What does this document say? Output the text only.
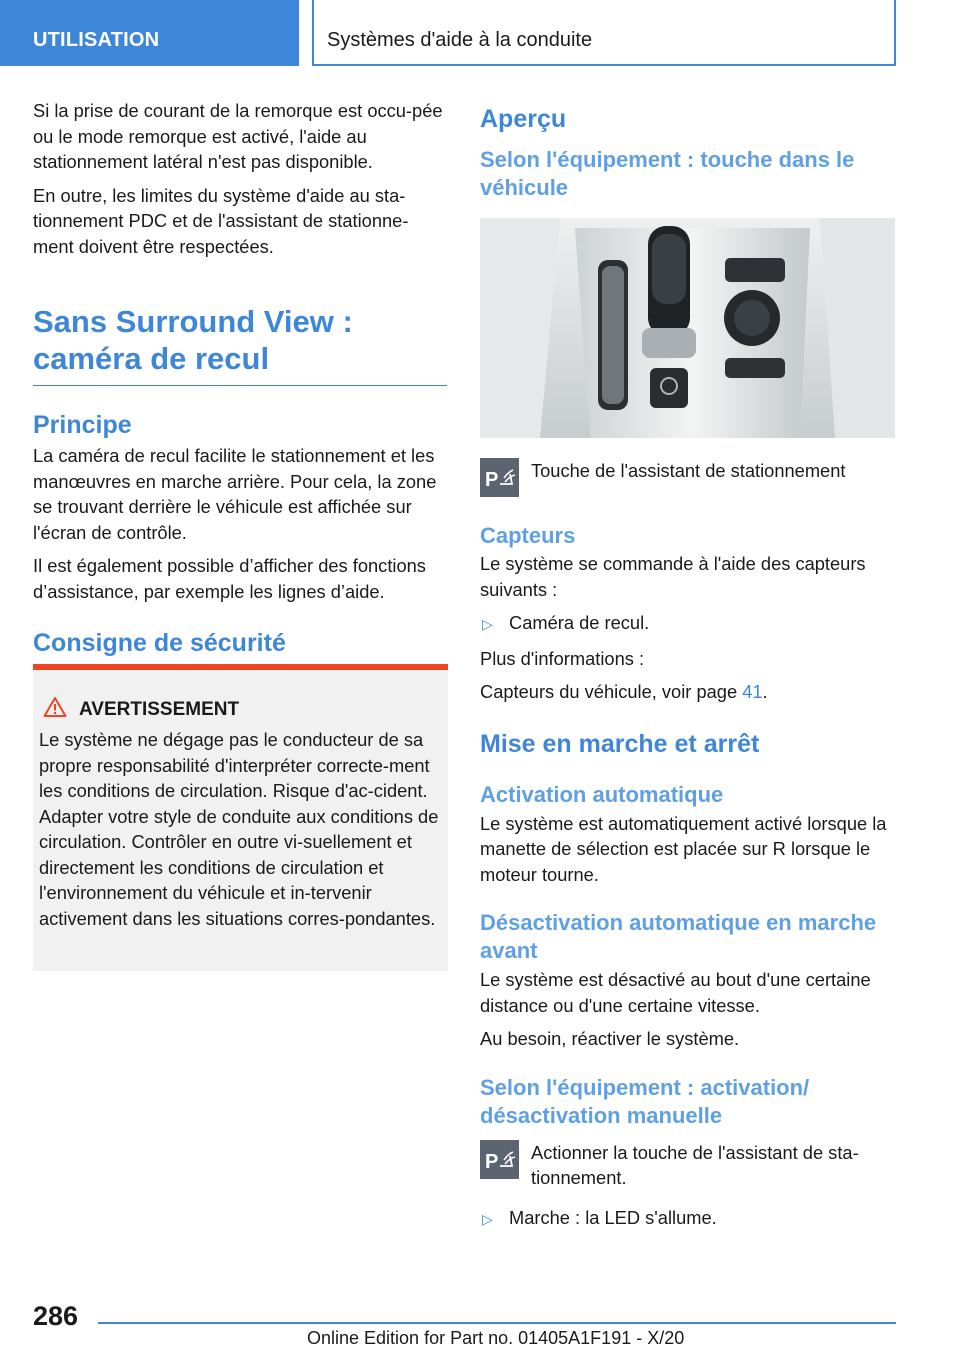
UTILISATION	Systèmes d'aide à la conduite

Si la prise de courant de la remorque est occu-pée ou le mode remorque est activé, l'aide au stationnement latéral n'est pas disponible.

En outre, les limites du système d'aide au sta-tionnement PDC et de l'assistant de stationne-ment doivent être respectées.

Sans Surround View :
caméra de recul
Principe

La caméra de recul facilite le stationnement et les manœuvres en marche arrière. Pour cela, la zone se trouvant derrière le véhicule est affichée sur l'écran de contrôle.

Il est également possible d’afficher des fonctions d’assistance, par exemple les lignes d’aide.

Consigne de sécurité
AVERTISSEMENT

Le système ne dégage pas le conducteur de sa propre responsabilité d'interpréter correcte-ment les conditions de circulation. Risque d'ac-cident. Adapter votre style de conduite aux conditions de circulation. Contrôler en outre vi-suellement et directement les conditions de circulation et l'environnement du véhicule et in-tervenir activement dans les situations corres-pondantes.

Aperçu
Selon l'équipement : touche dans le véhicule
P Touche de l'assistant de stationnement
Capteurs

Le système se commande à l'aide des capteurs suivants :

▷ Caméra de recul.

Plus d'informations :

Capteurs du véhicule, voir page 41.

Mise en marche et arrêt
Activation automatique

Le système est automatiquement activé lorsque la manette de sélection est placée sur R lorsque le moteur tourne.

Désactivation automatique en marche avant

Le système est désactivé au bout d'une certaine distance ou d'une certaine vitesse.

Au besoin, réactiver le système.

Selon l'équipement : activation/ désactivation manuelle
P Actionner la touche de l'assistant de sta-tionnement.
▷ Marche : la LED s'allume.
286
Online Edition for Part no. 01405A1F191 - X/20
